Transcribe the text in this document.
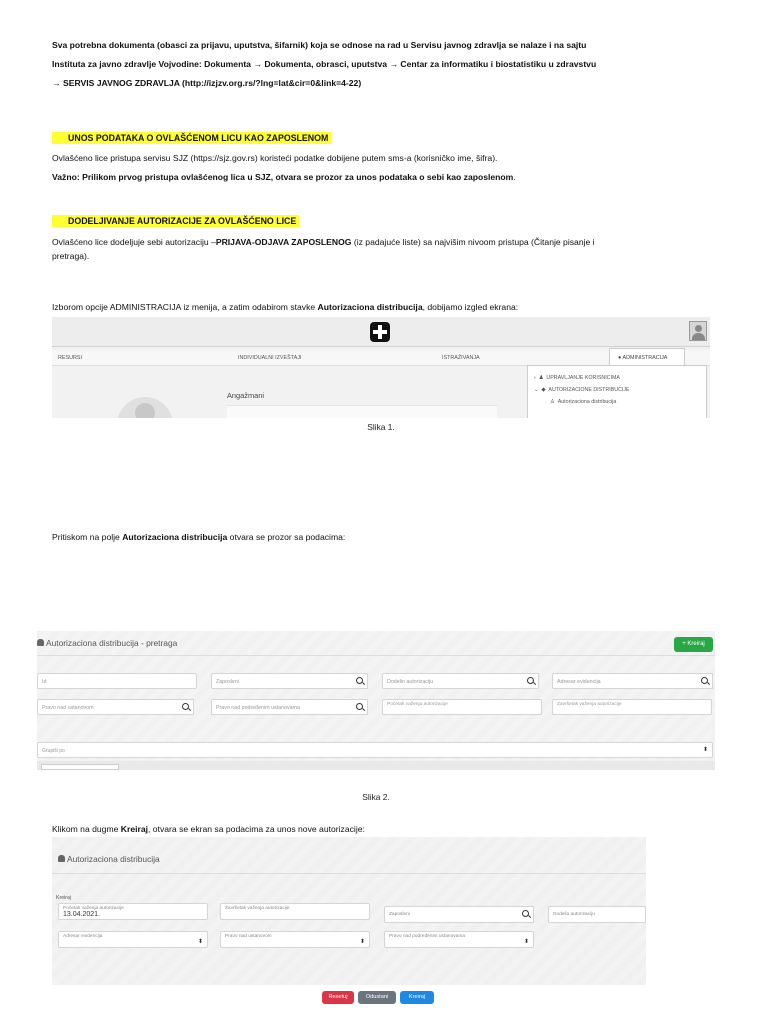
Sva potrebna dokumenta (obasci za prijavu, uputstva, šifarnik) koja se odnose na rad u Servisu javnog zdravlja se nalaze i na sajtu
Instituta za javno zdravlje Vojvodine: Dokumenta → Dokumenta, obrasci, uputstva → Centar za informatiku i biostatistiku u zdravstvu
→ SERVIS JAVNOG ZDRAVLJA (http://izjzv.org.rs/?lng=lat&cir=0&link=4-22)
UNOS PODATAKA O OVLAŠĆENOM LICU KAO ZAPOSLENOM
Ovlašćeno lice pristupa servisu SJZ (https://sjz.gov.rs) koristeći podatke dobijene putem sms-a (korisničko ime, šifra).
Važno: Prilikom prvog pristupa ovlašćenog lica u SJZ, otvara se prozor za unos podataka o sebi kao zaposlenom.
DODELJIVANJE AUTORIZACIJE ZA OVLAŠĆENO LICE
Ovlašćeno lice dodeljuje sebi autorizaciju –PRIJAVA-ODJAVA ZAPOSLENOG (iz padajuće liste) sa najvišim nivoom pristupa (Čitanje pisanje i
pretraga).
Izborom opcije ADMINISTRACIJA iz menija, a zatim odabirom stavke Autorizaciona distribucija, dobijamo izgled ekrana:
RESURSI	INDIVIDUALNI IZVEŠTAJI	ISTRAŽIVANJA	● ADMINISTRACIJA
Angažmani
›  ♟ UPRAVLJANJE KORISNICIMA
⌄  ◆ AUTORIZACIONE DISTRIBUCIJE
♙ Autorizaciona distribucija
Slika 1.
Pritiskom na polje Autorizaciona distribucija otvara se prozor sa podacima:
Autorizaciona distribucija - pretraga	+ Kreiraj
Id	Zaposleni	Dodelio autorizaciju	Adresar evidencija
Pravo nad ustanovom	Pravo nad podređenim ustanovama
Početak važenja autorizacije	Završetak važenja autorizacije
Grupiši po	⬍
Slika 2.
Klikom na dugme Kreiraj, otvara se ekran sa podacima za unos nove autorizacije:
Autorizaciona distribucija
Kreiraj
Početak važenja autorizacije
13.04.2021.
Završetak važenja autorizacije
Zaposleni	Dodelio autorizaciju
Adresar evidencija
⬍
Pravo nad ustanovom
⬍
Pravo nad podređenim ustanovama
⬍
Resetuj	Odustani	Kreiraj
